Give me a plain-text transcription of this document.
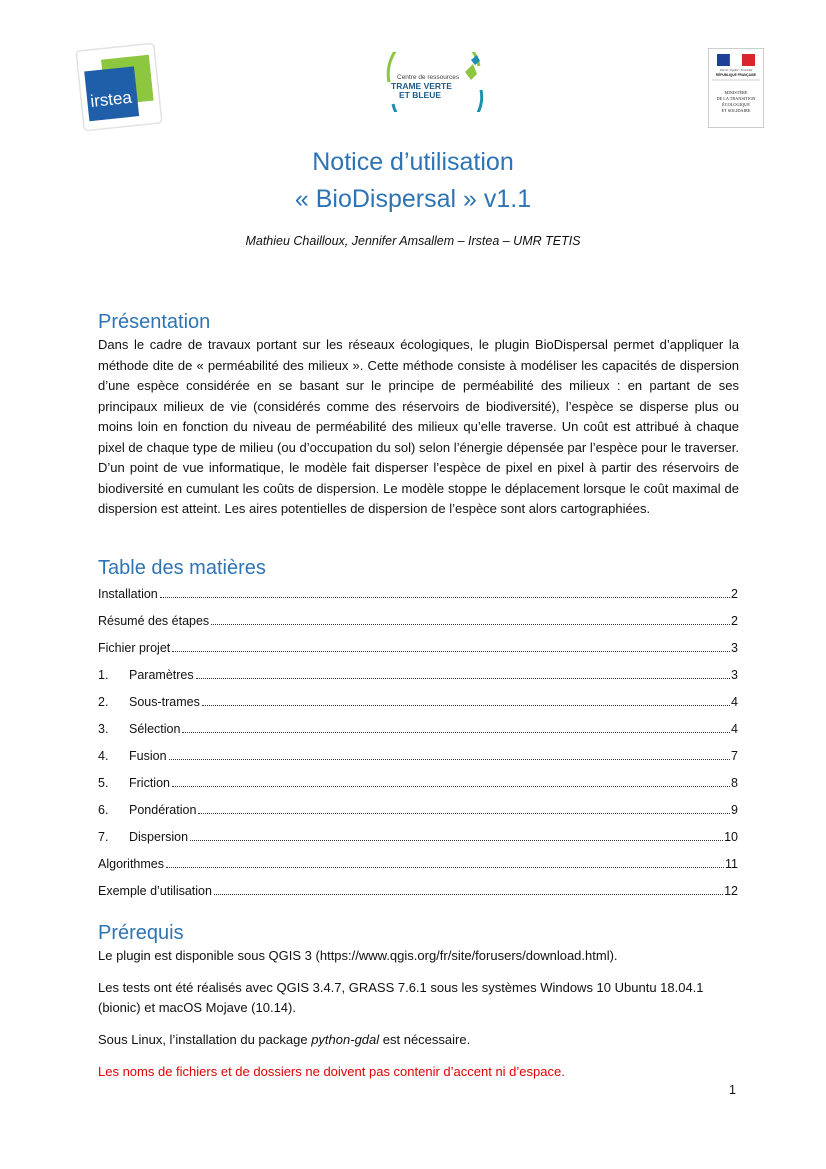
irstea
Centre de ressources
TRAME VERTE
ET BLEUE
Liberté • Égalité • Fraternité
RÉPUBLIQUE FRANÇAISE
MINISTÈRE
DE LA TRANSITION
ÉCOLOGIQUE
ET SOLIDAIRE
Notice d’utilisation
« BioDispersal » v1.1
Mathieu Chailloux, Jennifer Amsallem – Irstea – UMR TETIS
Présentation
Dans le cadre de travaux portant sur les réseaux écologiques, le plugin BioDispersal permet d’appliquer la méthode dite de « perméabilité des milieux ». Cette méthode consiste à modéliser les capacités de dispersion d’une espèce considérée en se basant sur le principe de perméabilité des milieux : en partant de ses principaux milieux de vie (considérés comme des réservoirs de biodiversité), l’espèce se disperse plus ou moins loin en fonction du niveau de perméabilité des milieux qu’elle traverse. Un coût est attribué à chaque pixel de chaque type de milieu (ou d’occupation du sol) selon l’énergie dépensée par l’espèce pour le traverser. D’un point de vue informatique, le modèle fait disperser l’espèce de pixel en pixel à partir des réservoirs de biodiversité en cumulant les coûts de dispersion. Le modèle stoppe le déplacement lorsque le coût maximal de dispersion est atteint. Les aires potentielles de dispersion de l’espèce sont alors cartographiées.
Table des matières
Installation	2
Résumé des étapes	2
Fichier projet	3
1.	Paramètres	3
2.	Sous-trames	4
3.	Sélection	4
4.	Fusion	7
5.	Friction	8
6.	Pondération	9
7.	Dispersion	10
Algorithmes	11
Exemple d’utilisation	12
Prérequis
Le plugin est disponible sous QGIS 3 (https://www.qgis.org/fr/site/forusers/download.html).
Les tests ont été réalisés avec QGIS 3.4.7, GRASS 7.6.1 sous les systèmes Windows 10 Ubuntu 18.04.1 (bionic) et macOS Mojave (10.14).
Sous Linux, l’installation du package python-gdal est nécessaire.
Les noms de fichiers et de dossiers ne doivent pas contenir d’accent ni d’espace.
1
